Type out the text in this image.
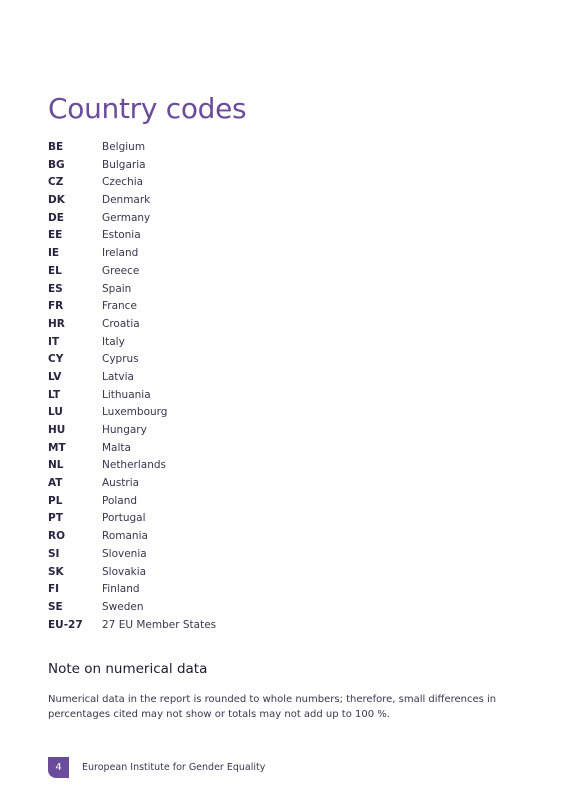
Country codes
BE	Belgium
BG	Bulgaria
CZ	Czechia
DK	Denmark
DE	Germany
EE	Estonia
IE	Ireland
EL	Greece
ES	Spain
FR	France
HR	Croatia
IT	Italy
CY	Cyprus
LV	Latvia
LT	Lithuania
LU	Luxembourg
HU	Hungary
MT	Malta
NL	Netherlands
AT	Austria
PL	Poland
PT	Portugal
RO	Romania
SI	Slovenia
SK	Slovakia
FI	Finland
SE	Sweden
EU-27	27 EU Member States
Note on numerical data

Numerical data in the report is rounded to whole numbers; therefore, small differences in percentages cited may not show or totals may not add up to 100 %.

4	European Institute for Gender Equality
